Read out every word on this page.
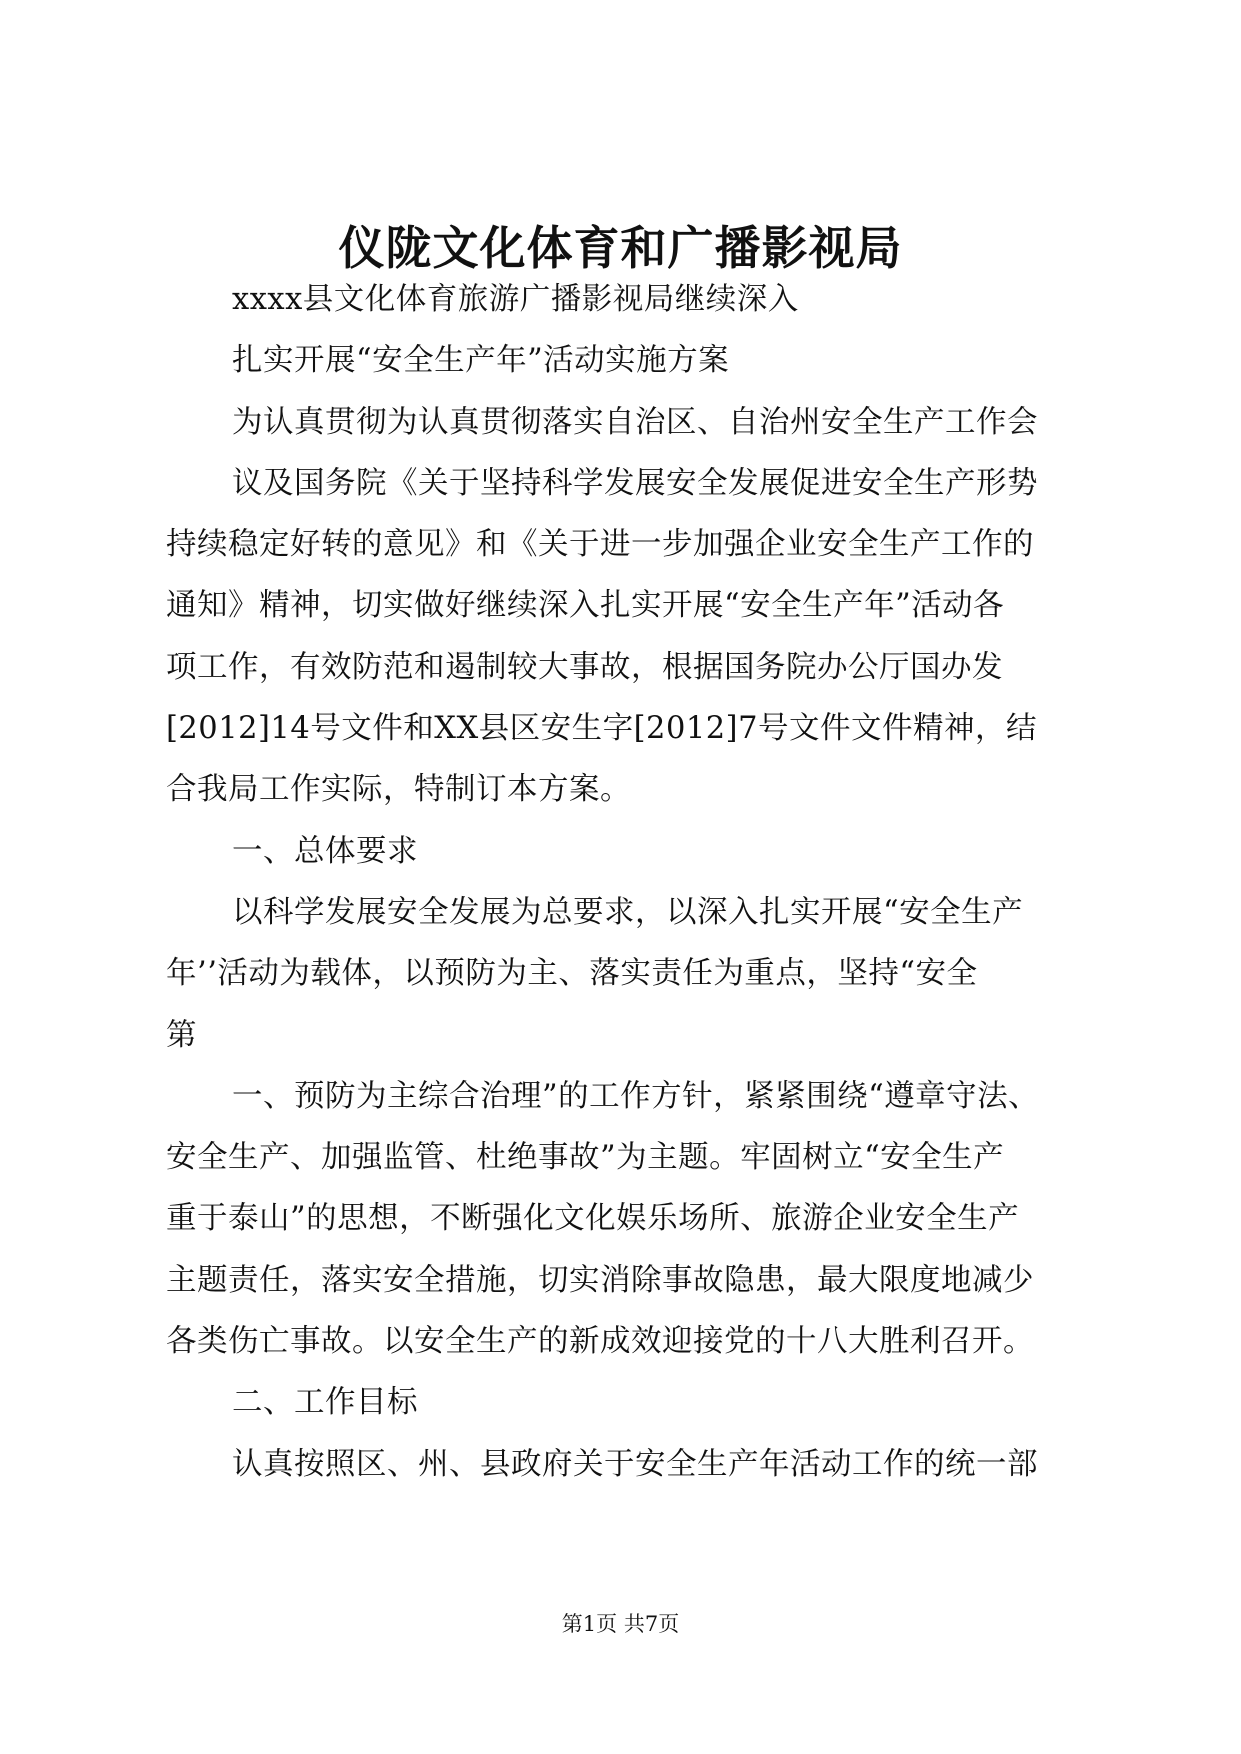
仪陇文化体育和广播影视局
xxxx县文化体育旅游广播影视局继续深入
扎实开展“安全生产年”活动实施方案
为认真贯彻为认真贯彻落实自治区、自治州安全生产工作会
议及国务院《关于坚持科学发展安全发展促进安全生产形势
持续稳定好转的意见》和《关于进一步加强企业安全生产工作的
通知》精神，切实做好继续深入扎实开展“安全生产年”活动各
项工作，有效防范和遏制较大事故，根据国务院办公厅国办发
[2012]14号文件和XX县区安生字[2012]7号文件文件精神，结
合我局工作实际，特制订本方案。
一、总体要求
以科学发展安全发展为总要求，以深入扎实开展“安全生产
年’’活动为载体，以预防为主、落实责任为重点，坚持“安全
第
一、预防为主综合治理”的工作方针，紧紧围绕“遵章守法、
安全生产、加强监管、杜绝事故”为主题。牢固树立“安全生产
重于泰山”的思想，不断强化文化娱乐场所、旅游企业安全生产
主题责任，落实安全措施，切实消除事故隐患，最大限度地减少
各类伤亡事故。以安全生产的新成效迎接党的十八大胜利召开。
二、工作目标
认真按照区、州、县政府关于安全生产年活动工作的统一部
第1页 共7页
